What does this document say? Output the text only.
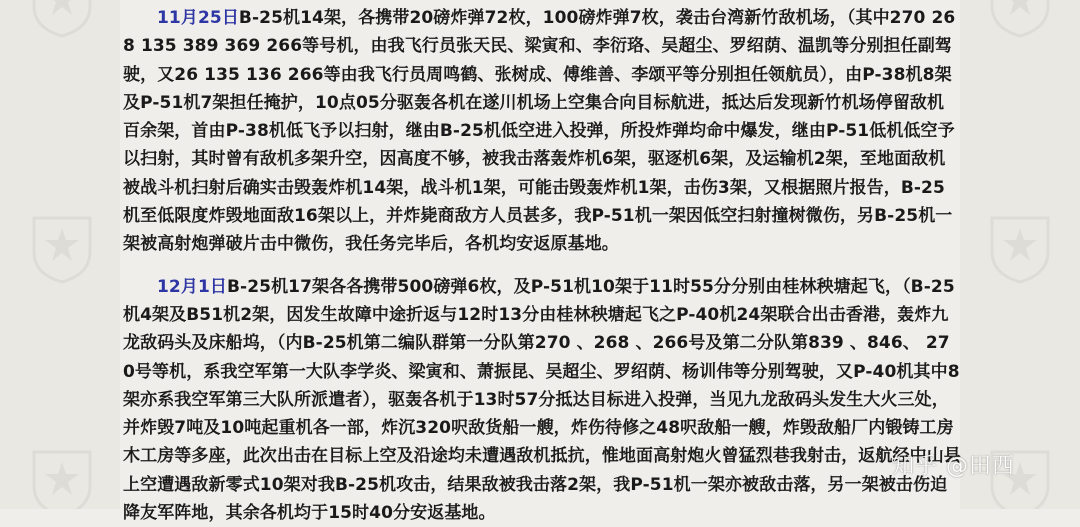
11月25日B-25机14架，各携带20磅炸弹72枚，100磅炸弹7枚，袭击台湾新竹敌机场，（其中270 268 135 389 369 266等号机，由我飞行员张天民、梁寅和、李衍珞、吴超尘、罗绍荫、温凯等分别担任副驾驶，又26 135 136 266等由我飞行员周鸣鹤、张树成、傅维善、李颂平等分别担任领航员），由P-38机8架及P-51机7架担任掩护，10点05分驱轰各机在遂川机场上空集合向目标航进，抵达后发现新竹机场停留敌机百余架，首由P-38机低飞予以扫射，继由B-25机低空进入投弹，所投炸弹均命中爆发，继由P-51低机低空予以扫射，其时曾有敌机多架升空，因高度不够，被我击落轰炸机6架，驱逐机6架，及运输机2架，至地面敌机被战斗机扫射后确实击毁轰炸机14架，战斗机1架，可能击毁轰炸机1架，击伤3架，又根据照片报告，B-25机至低限度炸毁地面敌16架以上，并炸毙商敌方人员甚多，我P-51机一架因低空扫射撞树微伤，另B-25机一架被高射炮弹破片击中微伤，我任务完毕后，各机均安返原基地。

12月1日B-25机17架各各携带500磅弹6枚，及P-51机10架于11时55分分别由桂林秧塘起飞，（B-25机4架及B51机2架，因发生故障中途折返与12时13分由桂林秧塘起飞之P-40机24架联合出击香港，轰炸九龙敌码头及床船坞，（内B-25机第二编队群第一分队第270 、268 、266号及第二分队第839 、846、 270号等机，系我空军第一大队李学炎、梁寅和、萧振昆、吴超尘、罗绍荫、杨训伟等分别驾驶，又P-40机其中8架亦系我空军第三大队所派遣者），驱轰各机于13时57分抵达目标进入投弹，当见九龙敌码头发生大火三处，并炸毁7吨及10吨起重机各一部，炸沉320呎敌货船一艘，炸伤待修之48呎敌船一艘，炸毁敌船厂内锻铸工房木工房等多座，此次出击在目标上空及沿途均未遭遇敌机抵抗，惟地面高射炮火曾猛烈巷我射击，返航经中山县上空遭遇敌新零式10架对我B-25机攻击，结果敌被我击落2架，我P-51机一架亦被敌击落，另一架被击伤迫降友军阵地，其余各机均于15时40分安返基地。

知乎 @田西
